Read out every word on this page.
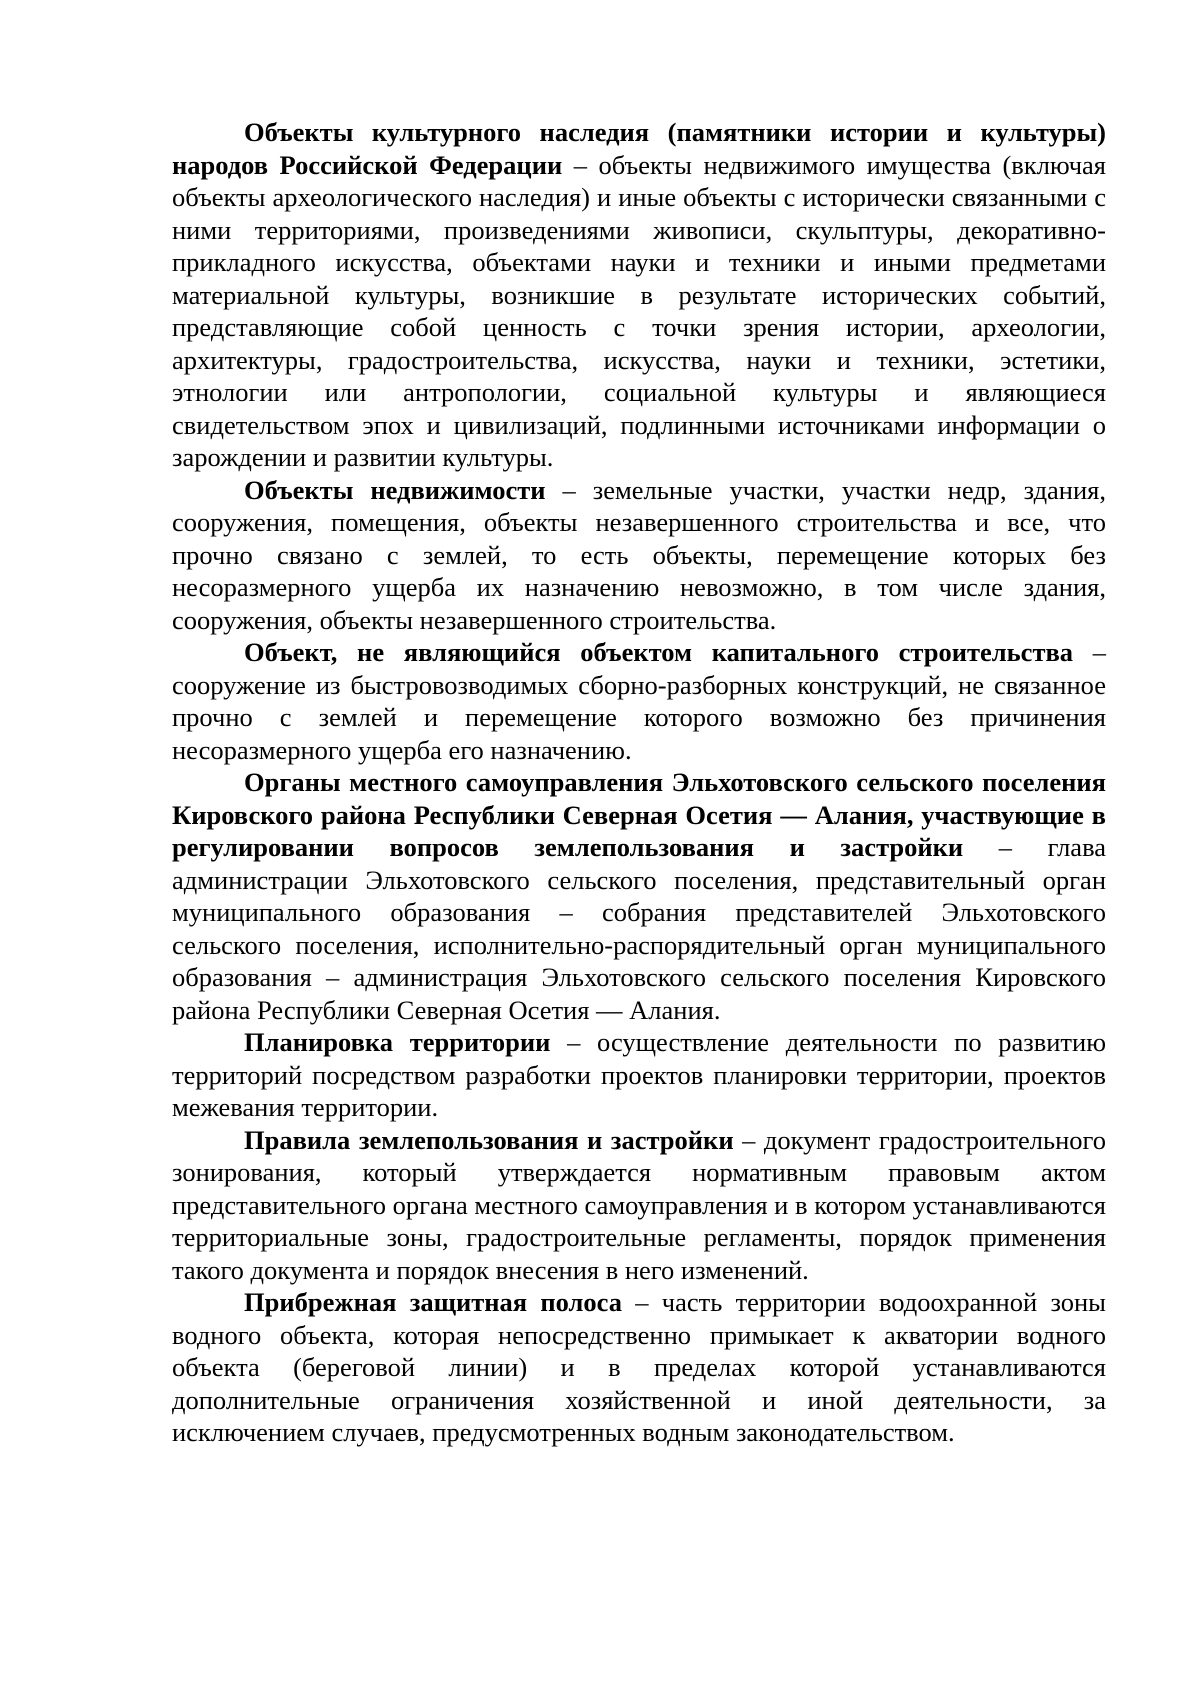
Объекты культурного наследия (памятники истории и культуры) народов Российской Федерации – объекты недвижимого имущества (включая объекты археологического наследия) и иные объекты с исторически связанными с ними территориями, произведениями живописи, скульптуры, декоративно-прикладного искусства, объектами науки и техники и иными предметами материальной культуры, возникшие в результате исторических событий, представляющие собой ценность с точки зрения истории, археологии, архитектуры, градостроительства, искусства, науки и техники, эстетики, этнологии или антропологии, социальной культуры и являющиеся свидетельством эпох и цивилизаций, подлинными источниками информации о зарождении и развитии культуры.

Объекты недвижимости – земельные участки, участки недр, здания, сооружения, помещения, объекты незавершенного строительства и все, что прочно связано с землей, то есть объекты, перемещение которых без несоразмерного ущерба их назначению невозможно, в том числе здания, сооружения, объекты незавершенного строительства.

Объект, не являющийся объектом капитального строительства – сооружение из быстровозводимых сборно-разборных конструкций, не связанное прочно с землей и перемещение которого возможно без причинения несоразмерного ущерба его назначению.

Органы местного самоуправления Эльхотовского сельского поселения Кировского района Республики Северная Осетия — Алания, участвующие в регулировании вопросов землепользования и застройки – глава администрации Эльхотовского сельского поселения, представительный орган муниципального образования – собрания представителей Эльхотовского сельского поселения, исполнительно-распорядительный орган муниципального образования – администрация Эльхотовского сельского поселения Кировского района Республики Северная Осетия — Алания.

Планировка территории – осуществление деятельности по развитию территорий посредством разработки проектов планировки территории, проектов межевания территории.

Правила землепользования и застройки – документ градостроительного зонирования, который утверждается нормативным правовым актом представительного органа местного самоуправления и в котором устанавливаются территориальные зоны, градостроительные регламенты, порядок применения такого документа и порядок внесения в него изменений.

Прибрежная защитная полоса – часть территории водоохранной зоны водного объекта, которая непосредственно примыкает к акватории водного объекта (береговой линии) и в пределах которой устанавливаются дополнительные ограничения хозяйственной и иной деятельности, за исключением случаев, предусмотренных водным законодательством.
